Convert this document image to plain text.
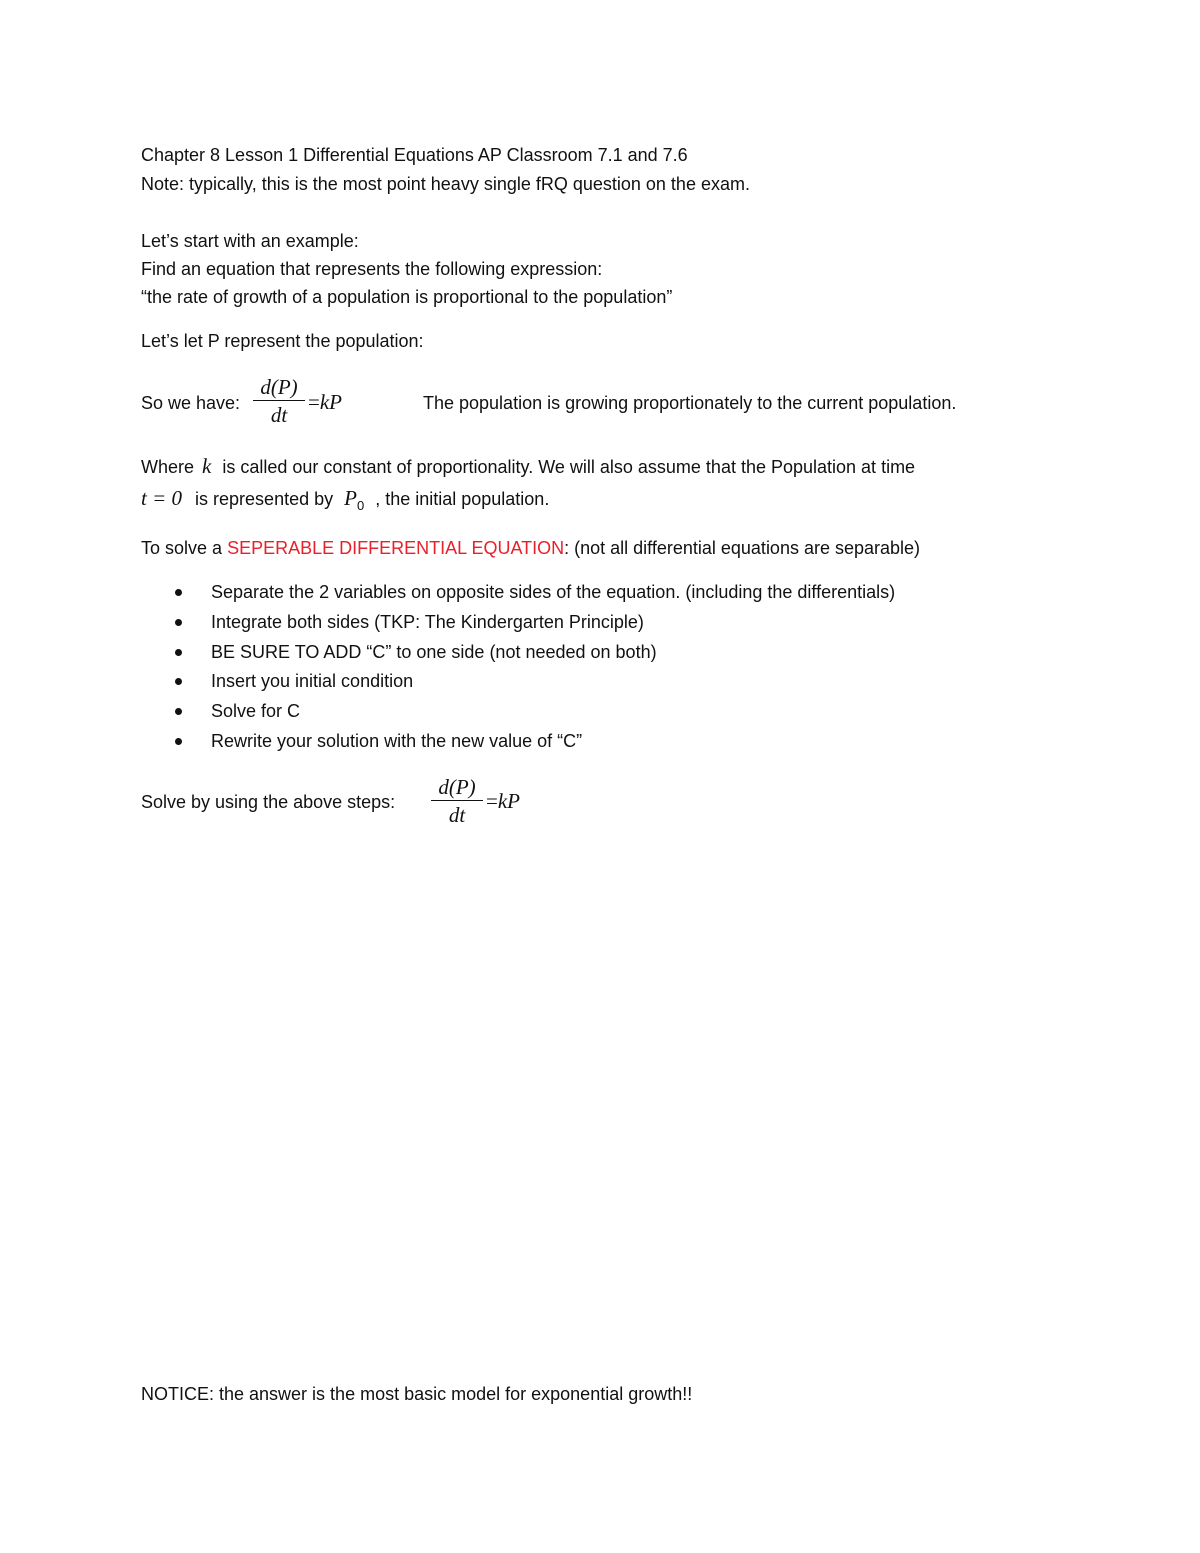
Chapter 8 Lesson 1 Differential Equations AP Classroom 7.1 and 7.6
Note: typically, this is the most point heavy single fRQ question on the exam.
Let’s start with an example:
Find an equation that represents the following expression:
“the rate of growth of a population is proportional to the population”
Let’s let P represent the population:
So we have:
d(P)
dt
=kP	The population is growing proportionately to the current population.
Where k is called our constant of proportionality. We will also assume that the Population at time
t = 0 is represented by $P_0$ , the initial population.
To solve a SEPERABLE DIFFERENTIAL EQUATION: (not all differential equations are separable)
Separate the 2 variables on opposite sides of the equation. (including the differentials)
Integrate both sides (TKP: The Kindergarten Principle)
BE SURE TO ADD “C” to one side (not needed on both)
Insert you initial condition
Solve for C
Rewrite your solution with the new value of “C”
Solve by using the above steps:
d(P)
dt
=kP
NOTICE: the answer is the most basic model for exponential growth!!
